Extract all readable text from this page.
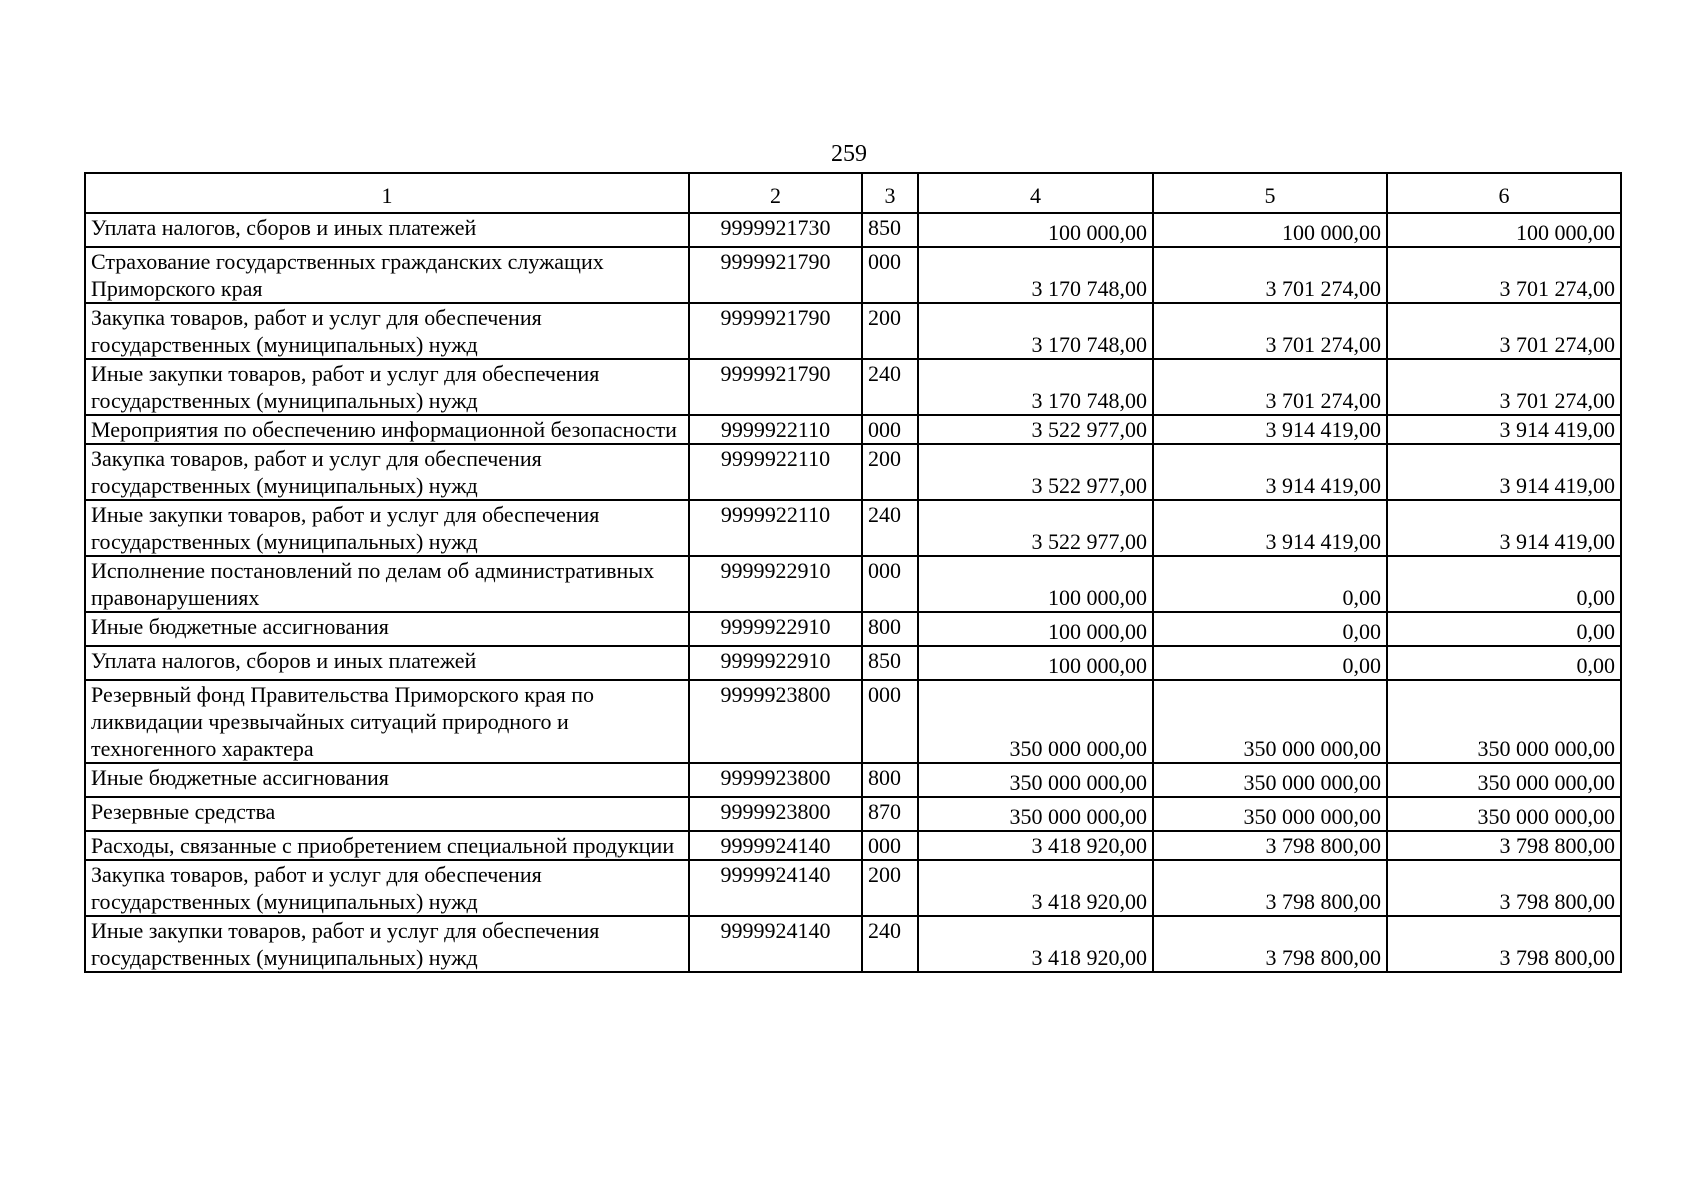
259
1	2	3	4	5	6
Уплата налогов, сборов и иных платежей	9999921730	850	100 000,00	100 000,00	100 000,00
Страхование государственных гражданских служащих Приморского края	9999921790	000	3 170 748,00	3 701 274,00	3 701 274,00
Закупка товаров, работ и услуг для обеспечения государственных (муниципальных) нужд	9999921790	200	3 170 748,00	3 701 274,00	3 701 274,00
Иные закупки товаров, работ и услуг для обеспечения государственных (муниципальных) нужд	9999921790	240	3 170 748,00	3 701 274,00	3 701 274,00
Мероприятия по обеспечению информационной безопасности	9999922110	000	3 522 977,00	3 914 419,00	3 914 419,00
Закупка товаров, работ и услуг для обеспечения государственных (муниципальных) нужд	9999922110	200	3 522 977,00	3 914 419,00	3 914 419,00
Иные закупки товаров, работ и услуг для обеспечения государственных (муниципальных) нужд	9999922110	240	3 522 977,00	3 914 419,00	3 914 419,00
Исполнение постановлений по делам об административных правонарушениях	9999922910	000	100 000,00	0,00	0,00
Иные бюджетные ассигнования	9999922910	800	100 000,00	0,00	0,00
Уплата налогов, сборов и иных платежей	9999922910	850	100 000,00	0,00	0,00
Резервный фонд Правительства Приморского края по ликвидации чрезвычайных ситуаций природного и техногенного характера	9999923800	000	350 000 000,00	350 000 000,00	350 000 000,00
Иные бюджетные ассигнования	9999923800	800	350 000 000,00	350 000 000,00	350 000 000,00
Резервные средства	9999923800	870	350 000 000,00	350 000 000,00	350 000 000,00
Расходы, связанные с приобретением специальной продукции	9999924140	000	3 418 920,00	3 798 800,00	3 798 800,00
Закупка товаров, работ и услуг для обеспечения государственных (муниципальных) нужд	9999924140	200	3 418 920,00	3 798 800,00	3 798 800,00
Иные закупки товаров, работ и услуг для обеспечения государственных (муниципальных) нужд	9999924140	240	3 418 920,00	3 798 800,00	3 798 800,00
